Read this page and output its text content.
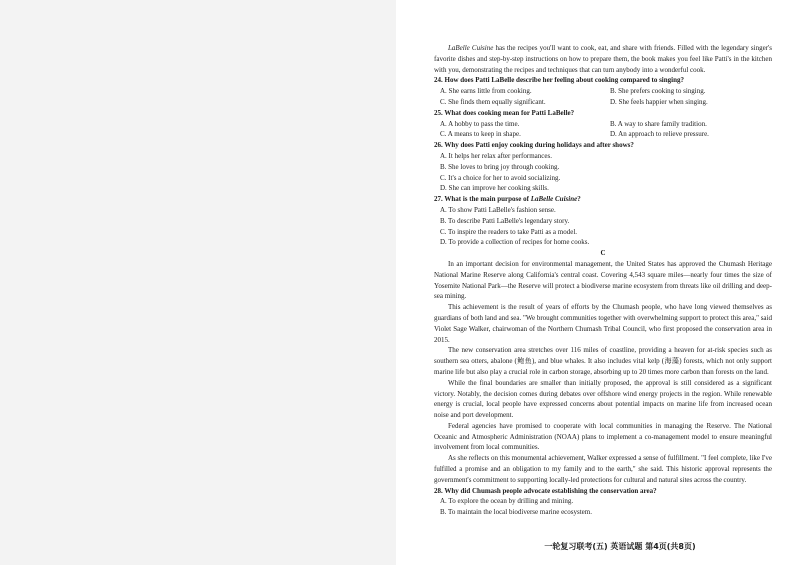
LaBelle Cuisine has the recipes you'll want to cook, eat, and share with friends. Filled with the legendary singer's favorite dishes and step-by-step instructions on how to prepare them, the book makes you feel like Patti's in the kitchen with you, demonstrating the recipes and techniques that can turn anybody into a wonderful cook.

24. How does Patti LaBelle describe her feeling about cooking compared to singing?

A. She earns little from cooking.	B. She prefers cooking to singing.
C. She finds them equally significant.	D. She feels happier when singing.

25. What does cooking mean for Patti LaBelle?

A. A hobby to pass the time.	B. A way to share family tradition.
C. A means to keep in shape.	D. An approach to relieve pressure.

26. Why does Patti enjoy cooking during holidays and after shows?

A. It helps her relax after performances.
B. She loves to bring joy through cooking.
C. It's a choice for her to avoid socializing.
D. She can improve her cooking skills.

27. What is the main purpose of LaBelle Cuisine?

A. To show Patti LaBelle's fashion sense.
B. To describe Patti LaBelle's legendary story.
C. To inspire the readers to take Patti as a model.
D. To provide a collection of recipes for home cooks.

C

In an important decision for environmental management, the United States has approved the Chumash Heritage National Marine Reserve along California's central coast. Covering 4,543 square miles—nearly four times the size of Yosemite National Park—the Reserve will protect a biodiverse marine ecosystem from threats like oil drilling and deep-sea mining.

This achievement is the result of years of efforts by the Chumash people, who have long viewed themselves as guardians of both land and sea. "We brought communities together with overwhelming support to protect this area," said Violet Sage Walker, chairwoman of the Northern Chumash Tribal Council, who first proposed the conservation area in 2015.

The new conservation area stretches over 116 miles of coastline, providing a heaven for at-risk species such as southern sea otters, abalone (鲍鱼), and blue whales. It also includes vital kelp (海藻) forests, which not only support marine life but also play a crucial role in carbon storage, absorbing up to 20 times more carbon than forests on the land.

While the final boundaries are smaller than initially proposed, the approval is still considered as a significant victory. Notably, the decision comes during debates over offshore wind energy projects in the region. While renewable energy is crucial, local people have expressed concerns about potential impacts on marine life from increased ocean noise and port development.

Federal agencies have promised to cooperate with local communities in managing the Reserve. The National Oceanic and Atmospheric Administration (NOAA) plans to implement a co-management model to ensure meaningful involvement from local communities.

As she reflects on this monumental achievement, Walker expressed a sense of fulfillment. "I feel complete, like I've fulfilled a promise and an obligation to my family and to the earth," she said. This historic approval represents the government's commitment to supporting locally-led protections for cultural and natural sites across the country.

28. Why did Chumash people advocate establishing the conservation area?

A. To explore the ocean by drilling and mining.
B. To maintain the local biodiverse marine ecosystem.
一轮复习联考(五) 英语试题 第4页(共8页)
